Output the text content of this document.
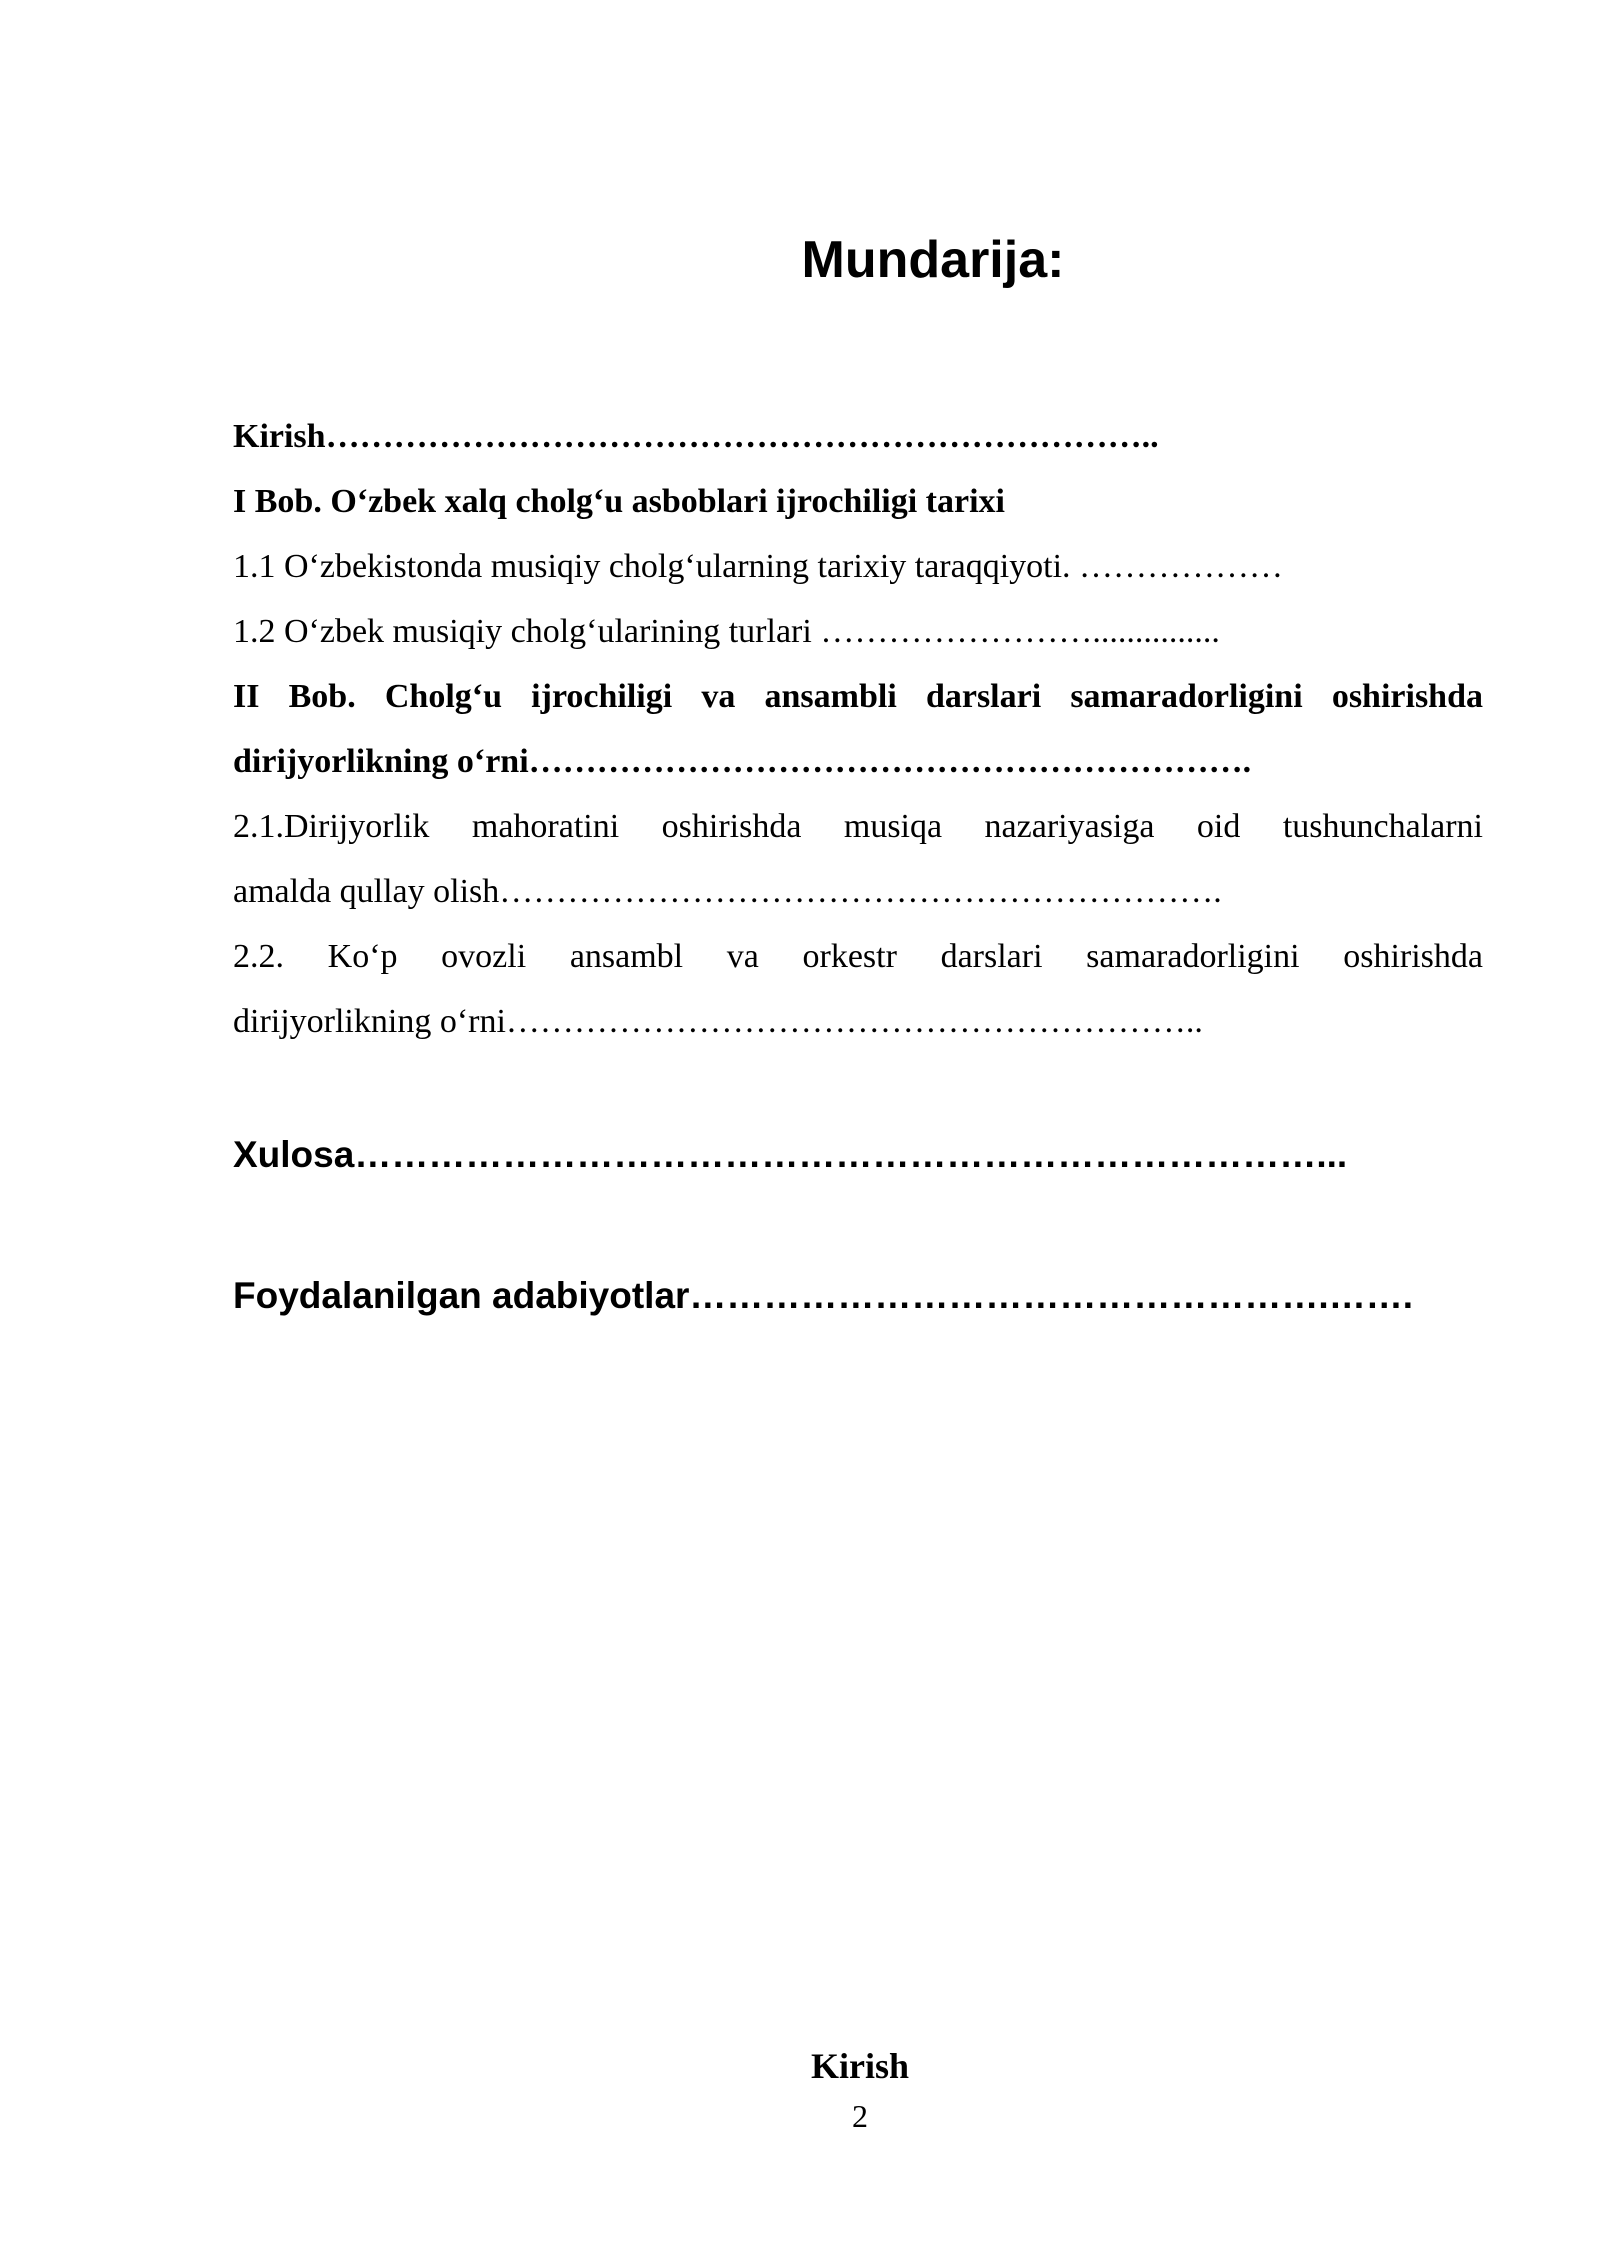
Mundarija:
Kirish………………………………………………………………..
I Bob. O‘zbek xalq cholg‘u asboblari ijrochiligi tarixi
1.1 O‘zbekistonda musiqiy cholg‘ularning tarixiy taraqqiyoti. ………………
1.2 O‘zbek musiqiy cholg‘ularining turlari ……………………...............
II Bob. Cholg‘u ijrochiligi va ansambli darslari samaradorligini oshirishda
dirijyorlikning o‘rni……………………………………………………….
2.1.Dirijyorlik mahoratini oshirishda musiqa nazariyasiga oid tushunchalarni
amalda qullay olish……………………………………………………….
2.2. Ko‘p ovozli ansambl va orkestr darslari samaradorligini oshirishda
dirijyorlikning o‘rni……………………………………………………..
Xulosa……………………………………………………………………...
Foydalanilgan adabiyotlar…………………………………………….…….
Kirish
2
